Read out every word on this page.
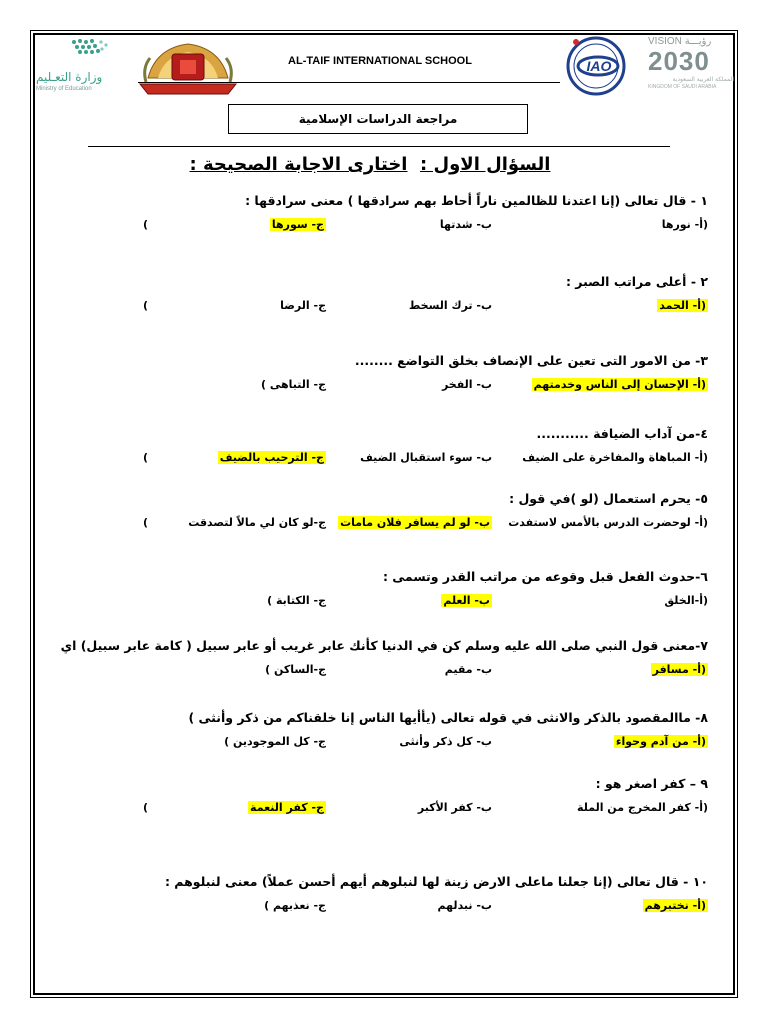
وزارة التعـليم
Ministry of Education
AL-TAIF INTERNATIONAL SCHOOL	IAO
VISION رؤيـــة
2030
المملكة العربية السعودية
KINGDOM OF SAUDI ARABIA
مراجعة الدراسات الإسلامية
السؤال الاول :  اختارى الاجابة الصحيحة :
١ - قال تعالى (إنا اعتدنا للظالمين ناراً أحاط بهم سرادقها ) معنى سرادقها :
(أ- نورها
ب- شدتها
ج- سورها
)
٢ - أعلى مراتب الصبر :
(أ- الحمد
ب- ترك السخط
ج- الرضا
)
٣- من الامور التى تعين على الإنصاف بخلق التواضع ........
(أ- الإحسان إلى الناس وخدمتهم
ب- الفخر
ج- التباهى )
٤-من آداب الضيافة ...........
(أ- المباهاة والمفاخرة على الضيف
ب- سوء استقبال الضيف
ج- الترحيب بالضيف
)
٥- يحرم استعمال (لو )في قول :
(أ- لوحضرت الدرس بالأمس لاستفدت
ب- لو لم يسافر فلان مامات
ج-لو كان لي مالاً لتصدقت
)
٦-حدوث الفعل قبل وقوعه من مراتب القدر وتسمى :
(أ-الخلق
ب- العلم
ج- الكتابة )
٧-معنى قول النبي صلى الله عليه وسلم كن في الدنيا كأنك عابر غريب أو عابر سبيل ( كامة عابر سبيل) اي
(أ- مسافر
ب- مقيم
ج-الساكن )
٨- ماالمقصود بالذكر والانثى في قوله تعالى (يأأيها الناس إنا خلقناكم من ذكر وأنثى )
(أ- من آدم وحواء
ب- كل ذكر وأنثى
ج- كل الموجودين )
٩ – كفر اصغر هو :
(أ- كفر المخرج من الملة
ب- كفر الأكبر
ج- كفر النعمة
)
١٠ - قال تعالى (إنا جعلنا ماعلى الارض زينة لها لنبلوهم أيهم أحسن عملاً) معنى لنبلوهم :
(أ- نختبرهم
ب- نبدلهم
ج- نعذبهم )
